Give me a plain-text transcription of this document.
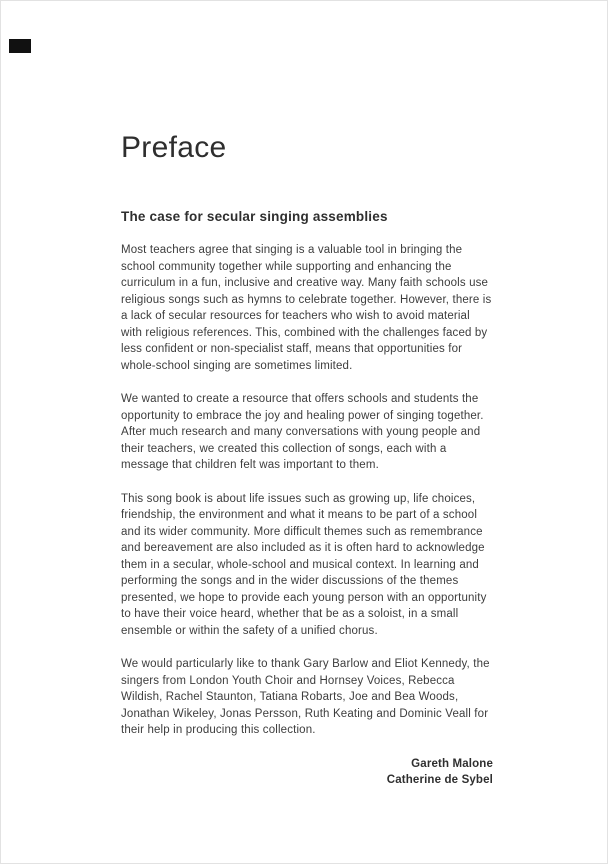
Preface
The case for secular singing assemblies

Most teachers agree that singing is a valuable tool in bringing the school community together while supporting and enhancing the curriculum in a fun, inclusive and creative way. Many faith schools use religious songs such as hymns to celebrate together. However, there is a lack of secular resources for teachers who wish to avoid material with religious references. This, combined with the challenges faced by less confident or non-specialist staff, means that opportunities for whole-school singing are sometimes limited.

We wanted to create a resource that offers schools and students the opportunity to embrace the joy and healing power of singing together. After much research and many conversations with young people and their teachers, we created this collection of songs, each with a message that children felt was important to them.

This song book is about life issues such as growing up, life choices, friendship, the environment and what it means to be part of a school and its wider community. More difficult themes such as remembrance and bereavement are also included as it is often hard to acknowledge them in a secular, whole-school and musical context. In learning and performing the songs and in the wider discussions of the themes presented, we hope to provide each young person with an opportunity to have their voice heard, whether that be as a soloist, in a small ensemble or within the safety of a unified chorus.

We would particularly like to thank Gary Barlow and Eliot Kennedy, the singers from London Youth Choir and Hornsey Voices, Rebecca Wildish, Rachel Staunton, Tatiana Robarts, Joe and Bea Woods, Jonathan Wikeley, Jonas Persson, Ruth Keating and Dominic Veall for their help in producing this collection.

Gareth Malone
Catherine de Sybel
